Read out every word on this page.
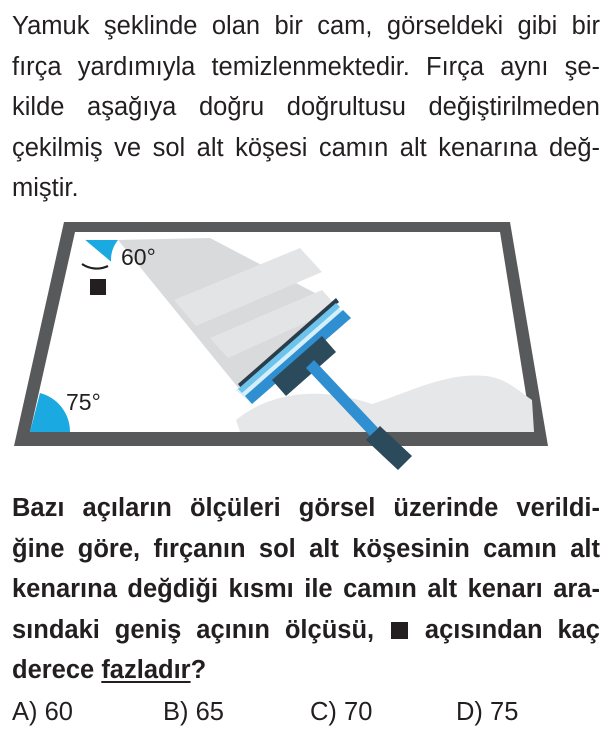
Yamuk şeklinde olan bir cam, görseldeki gibi bir
fırça yardımıyla temizlenmektedir. Fırça aynı şe-
kilde aşağıya doğru doğrultusu değiştirilmeden
çekilmiş ve sol alt köşesi camın alt kenarına değ-
miştir.
60°
75°
Bazı açıların ölçüleri görsel üzerinde verildi-
ğine göre, fırçanın sol alt köşesinin camın alt
kenarına değdiği kısmı ile camın alt kenarı ara-
sındaki geniş açının ölçüsü, açısından kaç
derece fazladır?
A) 60	B) 65	C) 70	D) 75
